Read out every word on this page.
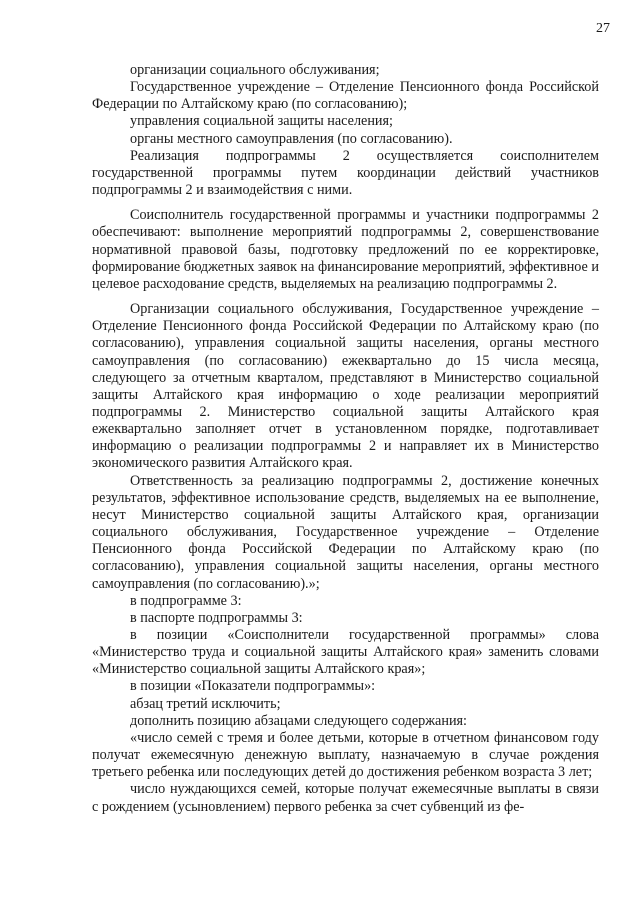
27

организации социального обслуживания;

Государственное учреждение – Отделение Пенсионного фонда Российской Федерации по Алтайскому краю (по согласованию);

управления социальной защиты населения;

органы местного самоуправления (по согласованию).

Реализация подпрограммы 2 осуществляется соисполнителем государственной программы путем координации действий участников подпрограммы 2 и взаимодействия с ними.

Соисполнитель государственной программы и участники подпрограммы 2 обеспечивают: выполнение мероприятий подпрограммы 2, совершенствование нормативной правовой базы, подготовку предложений по ее корректировке, формирование бюджетных заявок на финансирование мероприятий, эффективное и целевое расходование средств, выделяемых на реализацию подпрограммы 2.

Организации социального обслуживания, Государственное учреждение – Отделение Пенсионного фонда Российской Федерации по Алтайскому краю (по согласованию), управления социальной защиты населения, органы местного самоуправления (по согласованию) ежеквартально до 15 числа месяца, следующего за отчетным кварталом, представляют в Министерство социальной защиты Алтайского края информацию о ходе реализации мероприятий подпрограммы 2. Министерство социальной защиты Алтайского края ежеквартально заполняет отчет в установленном порядке, подготавливает информацию о реализации подпрограммы 2 и направляет их в Министерство экономического развития Алтайского края.

Ответственность за реализацию подпрограммы 2, достижение конечных результатов, эффективное использование средств, выделяемых на ее выполнение, несут Министерство социальной защиты Алтайского края, организации социального обслуживания, Государственное учреждение – Отделение Пенсионного фонда Российской Федерации по Алтайскому краю (по согласованию), управления социальной защиты населения, органы местного самоуправления (по согласованию).»;

в подпрограмме 3:

в паспорте подпрограммы 3:

в позиции «Соисполнители государственной программы» слова «Министерство труда и социальной защиты Алтайского края» заменить словами «Министерство социальной защиты Алтайского края»;

в позиции «Показатели подпрограммы»:

абзац третий исключить;

дополнить позицию абзацами следующего содержания:

«число семей с тремя и более детьми, которые в отчетном финансовом году получат ежемесячную денежную выплату, назначаемую в случае рождения третьего ребенка или последующих детей до достижения ребенком возраста 3 лет;

число нуждающихся семей, которые получат ежемесячные выплаты в связи с рождением (усыновлением) первого ребенка за счет субвенций из фе-
